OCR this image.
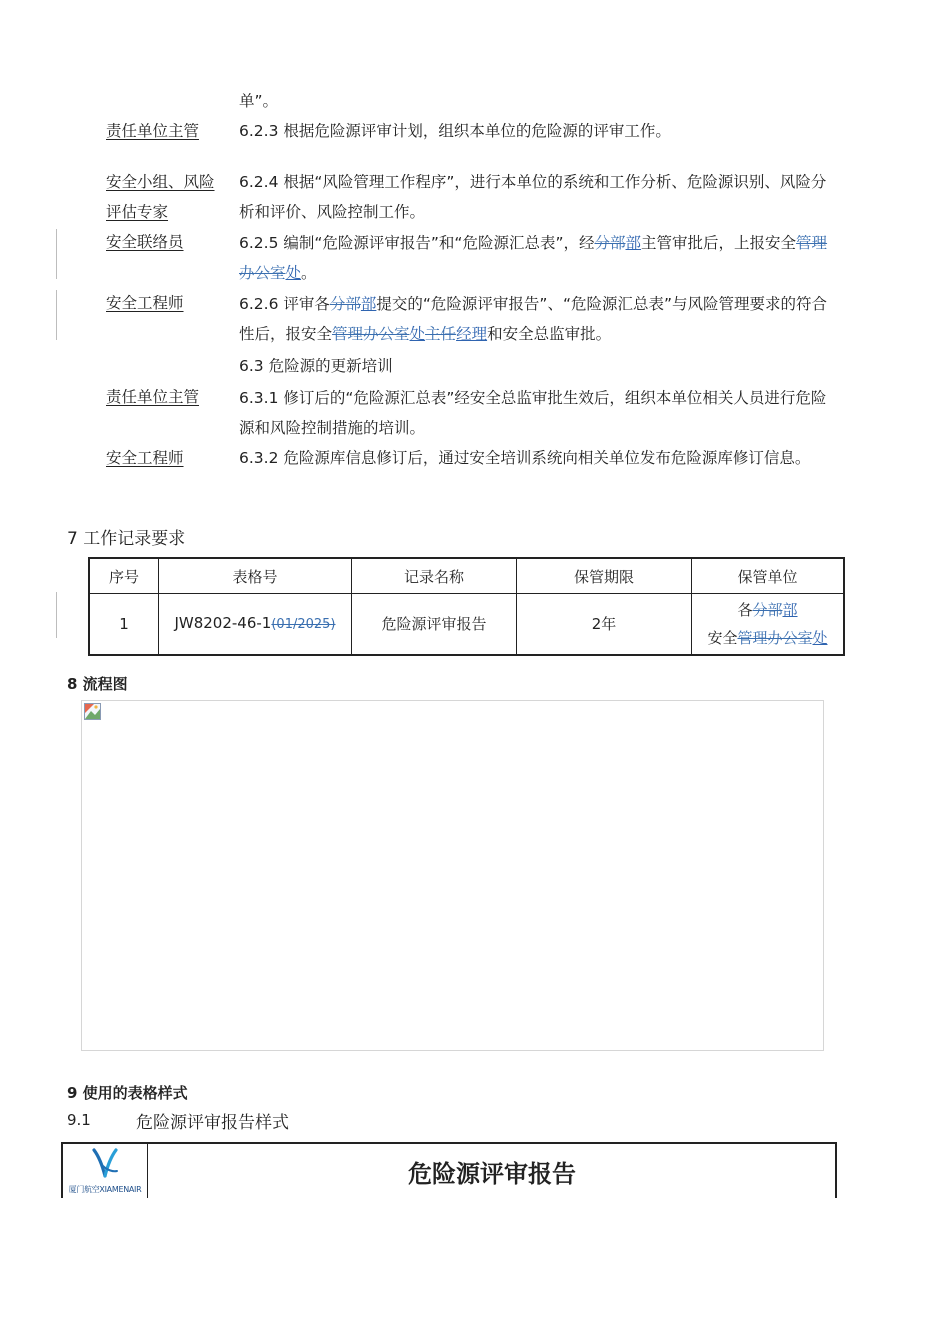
单”。
责任单位主管	6.2.3 根据危险源评审计划，组织本单位的危险源的评审工作。
安全小组、风险
评估专家
6.2.4 根据“风险管理工作程序”，进行本单位的系统和工作分析、危险源识别、风险分析和评价、风险控制工作。
安全联络员	6.2.5 编制“危险源评审报告”和“危险源汇总表”，经分部部主管审批后，上报安全管理办公室处。
安全工程师	6.2.6 评审各分部部提交的“危险源评审报告”、“危险源汇总表”与风险管理要求的符合性后，报安全管理办公室处主任经理和安全总监审批。
6.3 危险源的更新培训
责任单位主管	6.3.1 修订后的“危险源汇总表”经安全总监审批生效后，组织本单位相关人员进行危险源和风险控制措施的培训。
安全工程师	6.3.2 危险源库信息修订后，通过安全培训系统向相关单位发布危险源库修订信息。
7 工作记录要求
序号	表格号	记录名称	保管期限	保管单位
1	JW8202-46-1(01/2025)	危险源评审报告	2年	各分部部
安全管理办公室处
8 流程图
9 使用的表格样式
9.1	危险源评审报告样式
厦门航空XIAMENAIR
危险源评审报告
